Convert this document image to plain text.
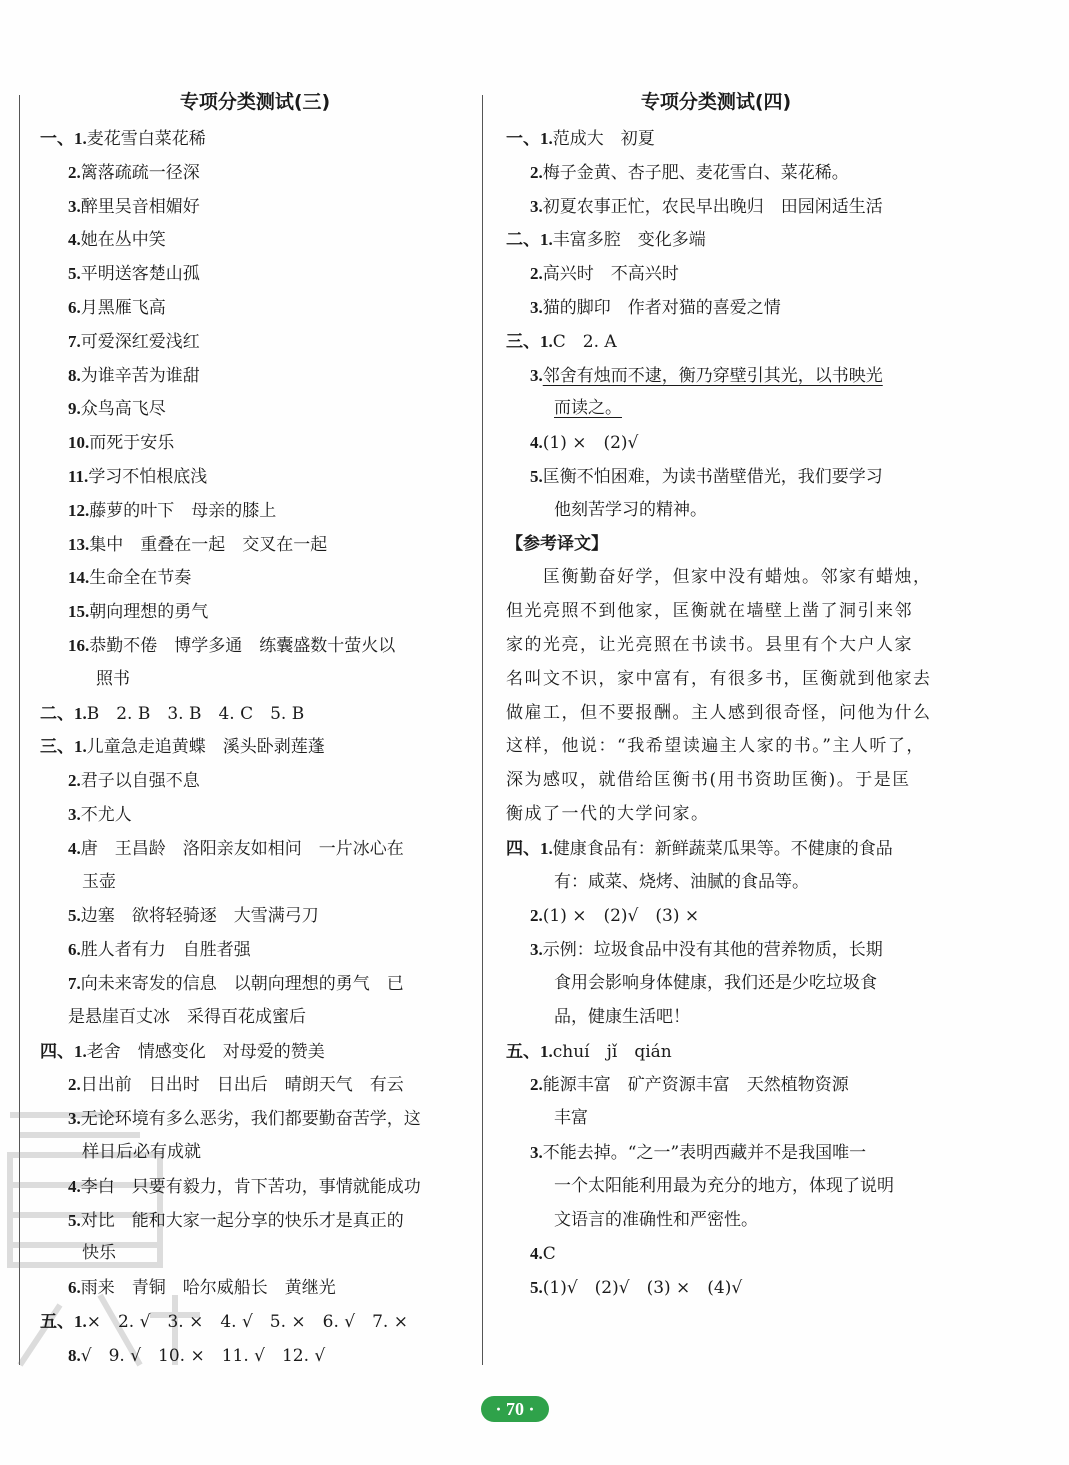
专项分类测试(三)
一、1.麦花雪白菜花稀
2.篱落疏疏一径深
3.醉里吴音相媚好
4.她在丛中笑
5.平明送客楚山孤
6.月黑雁飞高
7.可爱深红爱浅红
8.为谁辛苦为谁甜
9.众鸟高飞尽
10.而死于安乐
11.学习不怕根底浅
12.藤萝的叶下　母亲的膝上
13.集中　重叠在一起　交叉在一起
14.生命全在节奏
15.朝向理想的勇气
16.恭勤不倦　博学多通　练囊盛数十萤火以
照书
二、1.B　2. B　3. B　4. C　5. B
三、1.儿童急走追黄蝶　溪头卧剥莲蓬
2.君子以自强不息
3.不尤人
4.唐　王昌龄　洛阳亲友如相问　一片冰心在
玉壶
5.边塞　欲将轻骑逐　大雪满弓刀
6.胜人者有力　自胜者强
7.向未来寄发的信息　以朝向理想的勇气　已
是悬崖百丈冰　采得百花成蜜后
四、1.老舍　情感变化　对母爱的赞美
2.日出前　日出时　日出后　晴朗天气　有云
3.无论环境有多么恶劣，我们都要勤奋苦学，这
样日后必有成就
4.李白　只要有毅力，肯下苦功，事情就能成功
5.对比　能和大家一起分享的快乐才是真正的
快乐
6.雨来　青铜　哈尔威船长　黄继光
五、1.×　2. √　3. ×　4. √　5. ×　6. √　7. ×
8.√　9. √　10. ×　11. √　12. √
专项分类测试(四)
一、1.范成大　初夏
2.梅子金黄、杏子肥、麦花雪白、菜花稀。
3.初夏农事正忙，农民早出晚归　田园闲适生活
二、1.丰富多腔　变化多端
2.高兴时　不高兴时
3.猫的脚印　作者对猫的喜爱之情
三、1.C　2. A
3.邻舍有烛而不逮，衡乃穿壁引其光，以书映光
而读之。
4.(1) ×　(2)√
5.匡衡不怕困难，为读书凿壁借光，我们要学习
他刻苦学习的精神。
【参考译文】
　　匡衡勤奋好学，但家中没有蜡烛。邻家有蜡烛，
但光亮照不到他家，匡衡就在墙壁上凿了洞引来邻
家的光亮，让光亮照在书读书。县里有个大户人家
名叫文不识，家中富有，有很多书，匡衡就到他家去
做雇工，但不要报酬。主人感到很奇怪，问他为什么
这样，他说：“我希望读遍主人家的书。”主人听了，
深为感叹，就借给匡衡书(用书资助匡衡)。于是匡
衡成了一代的大学问家。
四、1.健康食品有：新鲜蔬菜瓜果等。不健康的食品
有：咸菜、烧烤、油腻的食品等。
2.(1) ×　(2)√　(3) ×
3.示例：垃圾食品中没有其他的营养物质，长期
食用会影响身体健康，我们还是少吃垃圾食
品，健康生活吧！
五、1.chuí　jǐ　qián
2.能源丰富　矿产资源丰富　天然植物资源
丰富
3.不能去掉。“之一”表明西藏并不是我国唯一
一个太阳能利用最为充分的地方，体现了说明
文语言的准确性和严密性。
4.C
5.(1)√　(2)√　(3) ×　(4)√
· 70 ·
